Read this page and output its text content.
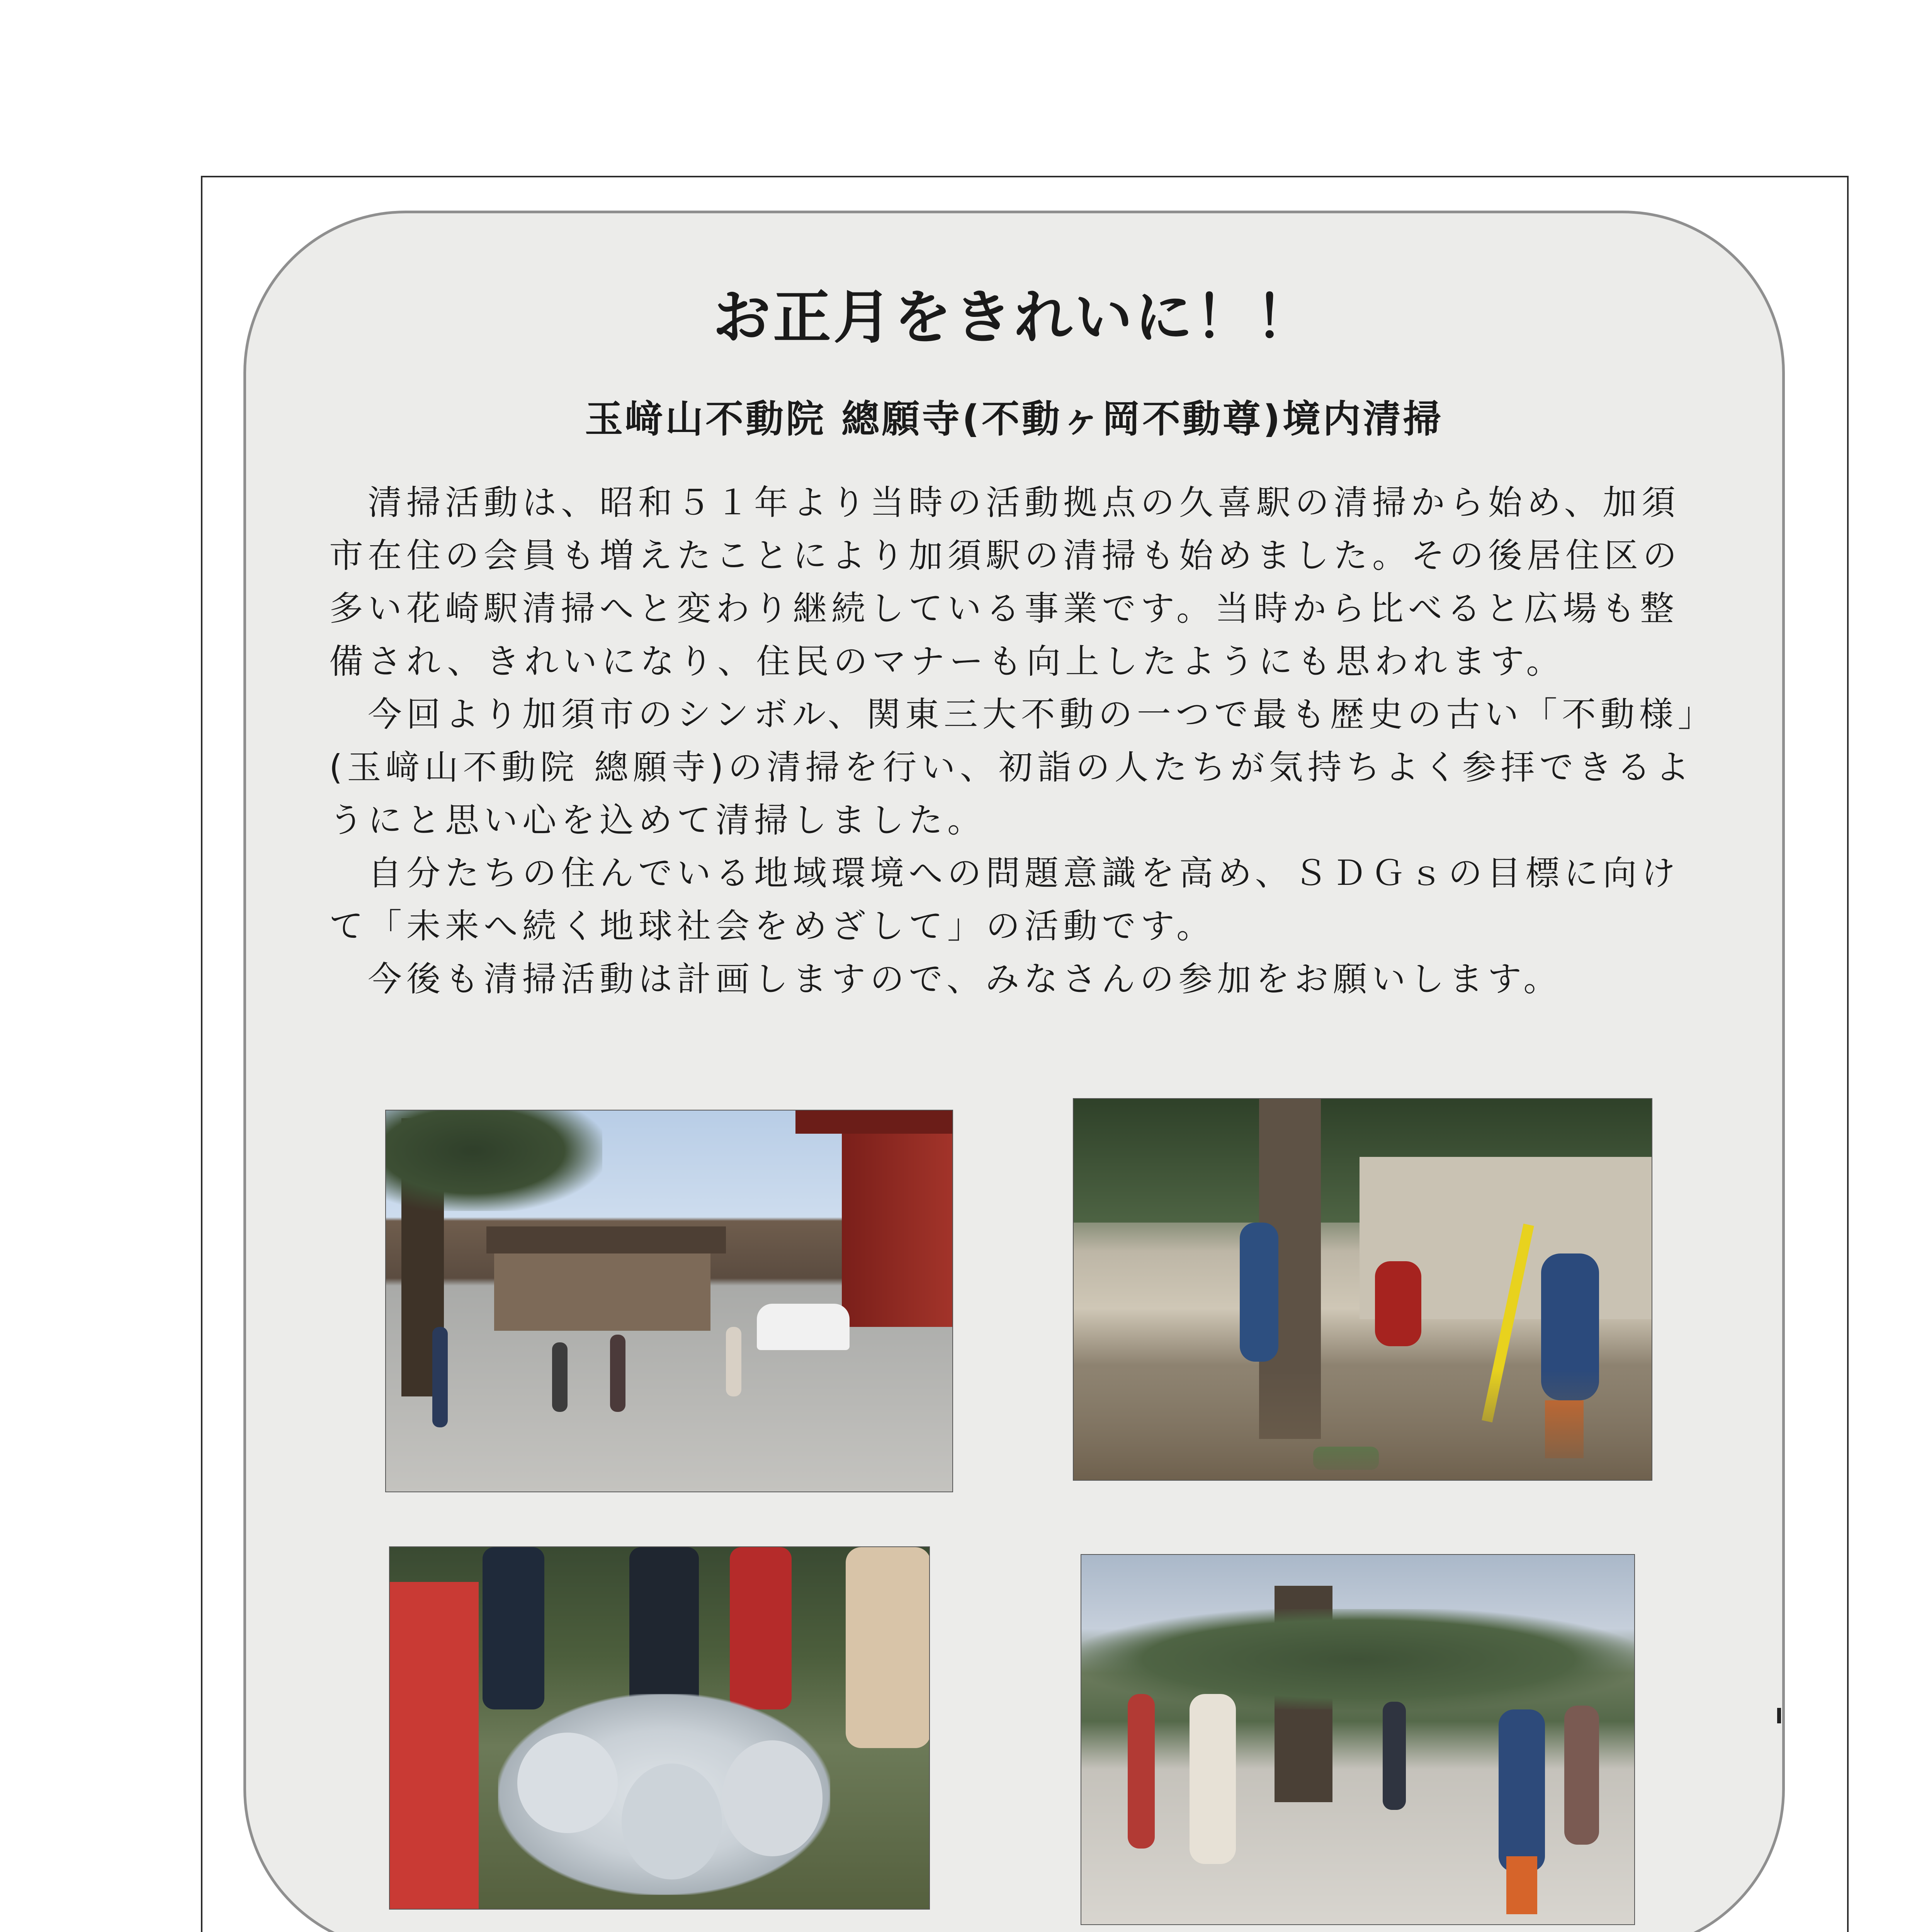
お正月をきれいに！！
玉﨑山不動院 總願寺(不動ヶ岡不動尊)境内清掃

清掃活動は、昭和５１年より当時の活動拠点の久喜駅の清掃から始め、加須市在住の会員も増えたことにより加須駅の清掃も始めました。その後居住区の多い花崎駅清掃へと変わり継続している事業です。当時から比べると広場も整備され、きれいになり、住民のマナーも向上したようにも思われます。

今回より加須市のシンボル、関東三大不動の一つで最も歴史の古い「不動様」(玉﨑山不動院 總願寺)の清掃を行い、初詣の人たちが気持ちよく参拝できるようにと思い心を込めて清掃しました。

自分たちの住んでいる地域環境への問題意識を高め、ＳＤＧｓの目標に向けて「未来へ続く地球社会をめざして」の活動です。

今後も清掃活動は計画しますので、みなさんの参加をお願いします。
